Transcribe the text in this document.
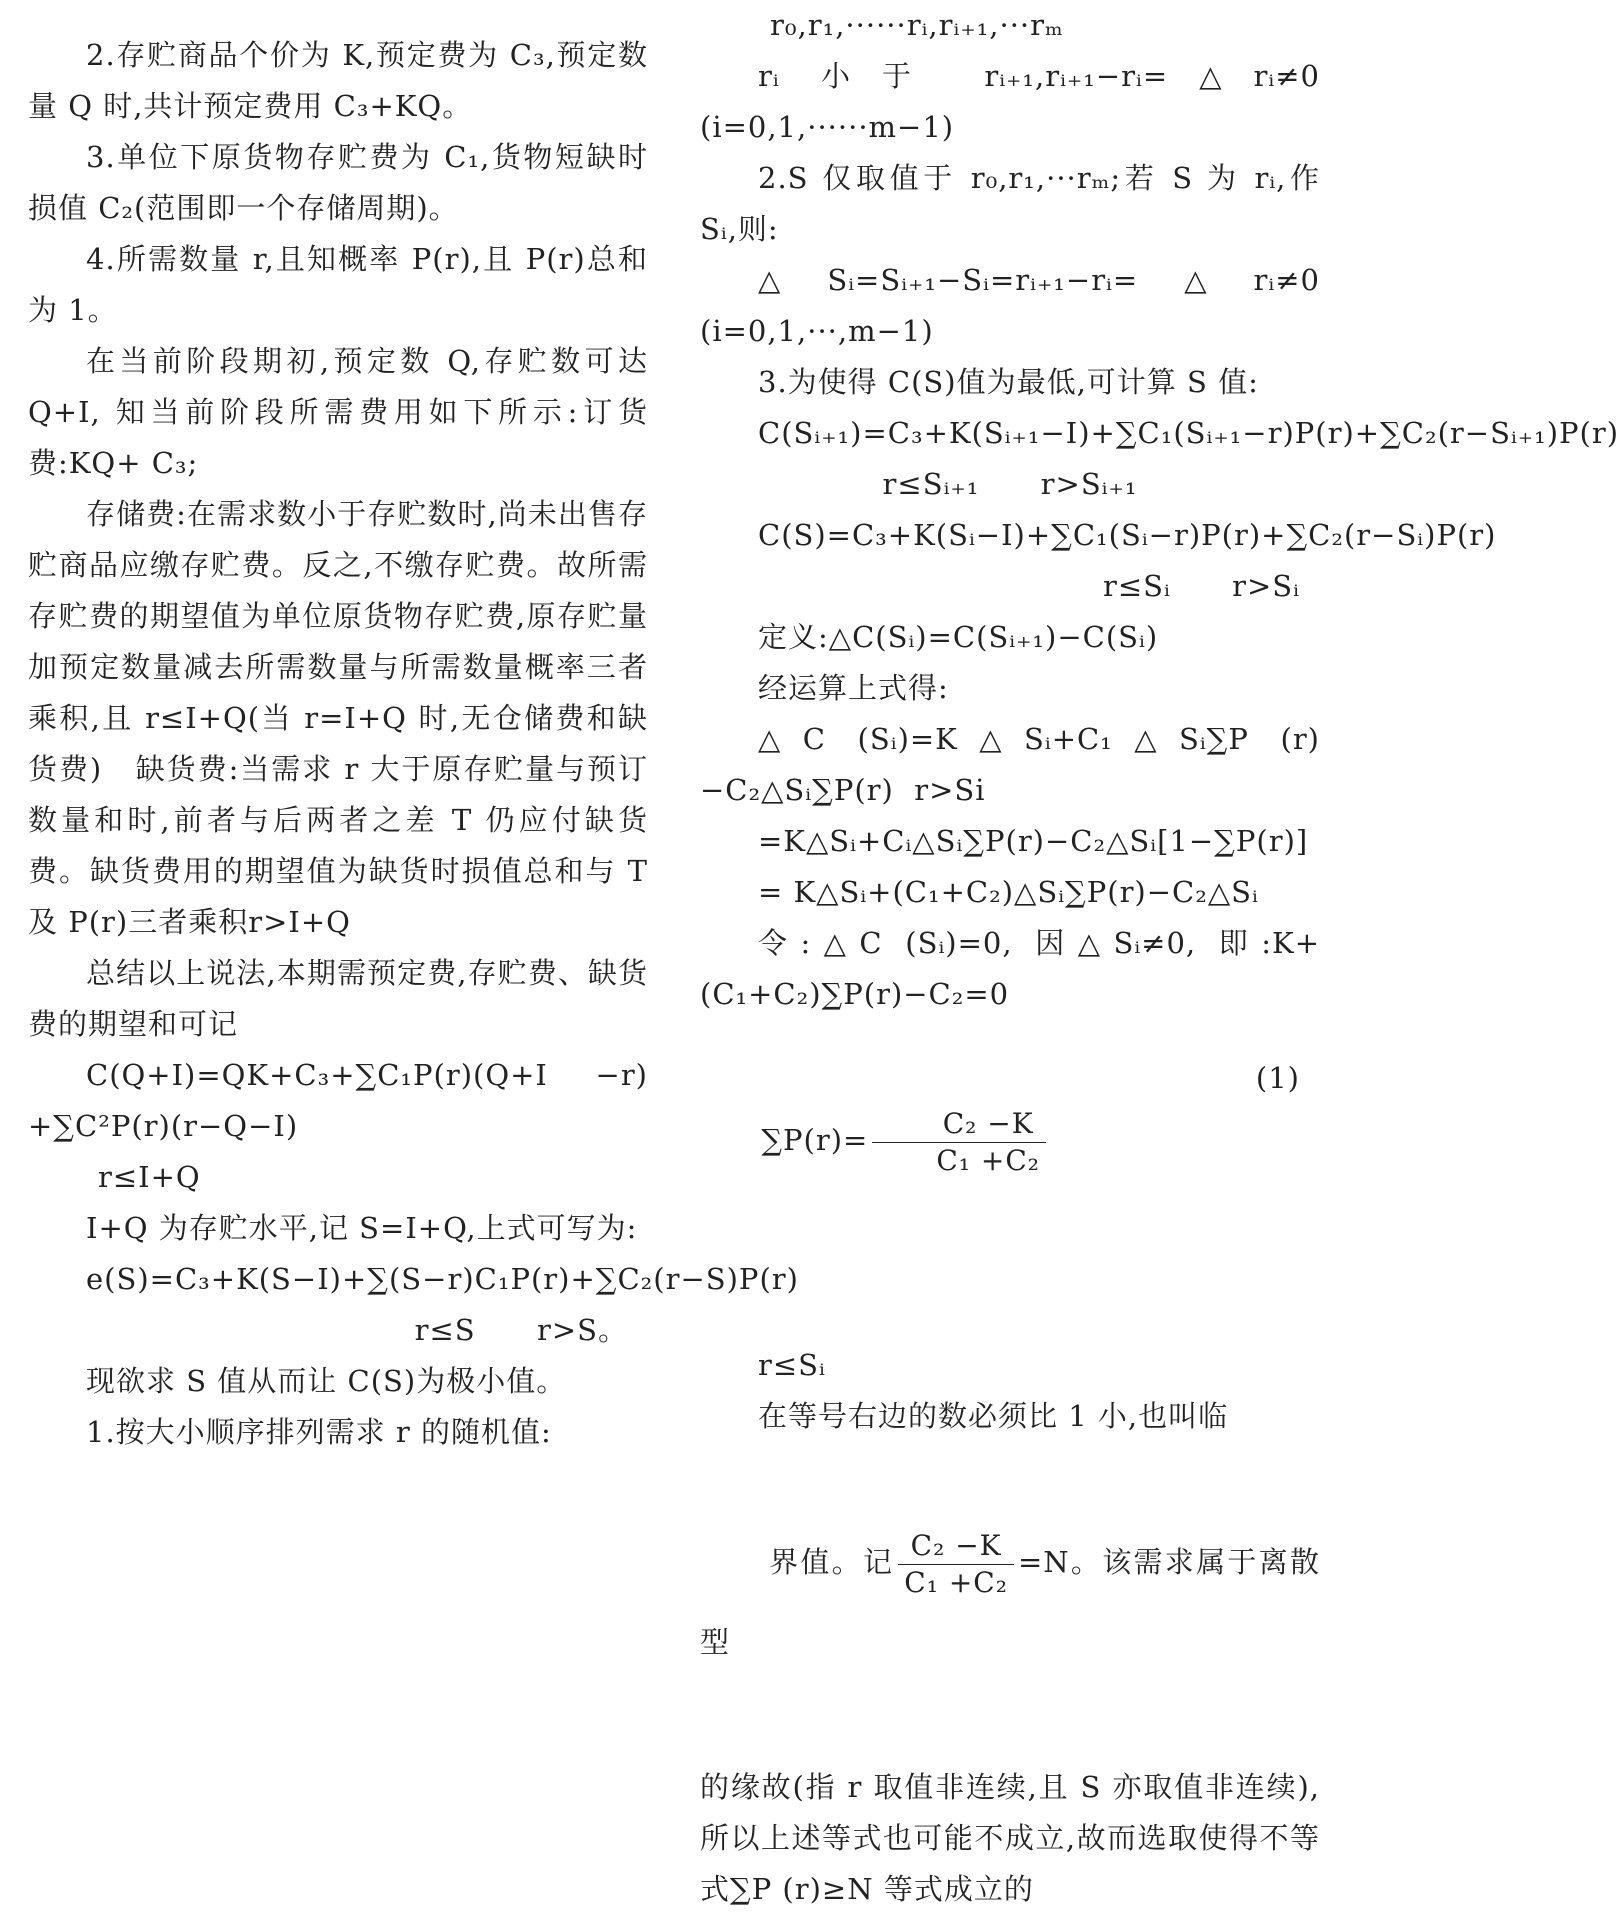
2.存贮商品个价为 K,预定费为 C₃,预定数量 Q 时,共计预定费用 C₃+KQ。

3.单位下原货物存贮费为 C₁,货物短缺时损值 C₂(范围即一个存储周期)。

4.所需数量 r,且知概率 P(r),且 P(r)总和为 1。

在当前阶段期初,预定数 Q,存贮数可达 Q+I, 知当前阶段所需费用如下所示:订货费:KQ+ C₃;

存储费:在需求数小于存贮数时,尚未出售存贮商品应缴存贮费。反之,不缴存贮费。故所需存贮费的期望值为单位原货物存贮费,原存贮量加预定数量减去所需数量与所需数量概率三者乘积,且 r≤I+Q(当 r=I+Q 时,无仓储费和缺货费)   缺货费:当需求 r 大于原存贮量与预订数量和时,前者与后两者之差 T 仍应付缺货费。缺货费用的期望值为缺货时损值总和与 T 及 P(r)三者乘积r>I+Q

总结以上说法,本期需预定费,存贮费、缺货费的期望和可记

C(Q+I)=QK+C₃+∑C₁P(r)(Q+I −r) +∑C²P(r)(r−Q−I)

r≤I+Q

I+Q 为存贮水平,记 S=I+Q,上式可写为:

e(S)=C₃+K(S−I)+∑(S−r)C₁P(r)+∑C₂(r−S)P(r)

r≤S      r>S。

现欲求 S 值从而让 C(S)为极小值。

1.按大小顺序排列需求 r 的随机值:

r₀,r₁,······rᵢ,rᵢ₊₁,···rₘ

rᵢ 小于 rᵢ₊₁,rᵢ₊₁−rᵢ=△rᵢ≠0 (i=0,1,······m−1)

2.S 仅取值于 r₀,r₁,···rₘ;若 S 为 rᵢ,作 Sᵢ,则:

△Sᵢ=Sᵢ₊₁−Sᵢ=rᵢ₊₁−rᵢ=△rᵢ≠0 (i=0,1,···,m−1)

3.为使得 C(S)值为最低,可计算 S 值:

C(Sᵢ₊₁)=C₃+K(Sᵢ₊₁−I)+∑C₁(Sᵢ₊₁−r)P(r)+∑C₂(r−Sᵢ₊₁)P(r)

r≤Sᵢ₊₁      r>Sᵢ₊₁

C(S)=C₃+K(Sᵢ−I)+∑C₁(Sᵢ−r)P(r)+∑C₂(r−Sᵢ)P(r)

r≤Sᵢ      r>Sᵢ

定义:△C(Sᵢ)=C(Sᵢ₊₁)−C(Sᵢ)

经运算上式得:

△C (Sᵢ)=K△Sᵢ+C₁△Sᵢ∑P (r)−C₂△Sᵢ∑P(r)  r>Si

=K△Sᵢ+Cᵢ△Sᵢ∑P(r)−C₂△Sᵢ[1−∑P(r)]

= K△Sᵢ+(C₁+C₂)△Sᵢ∑P(r)−C₂△Sᵢ

令:△C (Sᵢ)=0, 因△Sᵢ≠0, 即:K+(C₁+C₂)∑P(r)−C₂=0

$\sum P(r)= \frac{\text{C₂ −K}}{\text{C₁ +C₂}}$

(1)

r≤Sᵢ

在等号右边的数必须比 1 小,也叫临

界值。记 $\frac{\text{C₂ −K}}{\text{C₁ +C₂}} =N$。该需求属于离散型

的缘故(指 r 取值非连续,且 S 亦取值非连续),所以上述等式也可能不成立,故而选取使得不等式∑P (r)≥N 等式成立的
